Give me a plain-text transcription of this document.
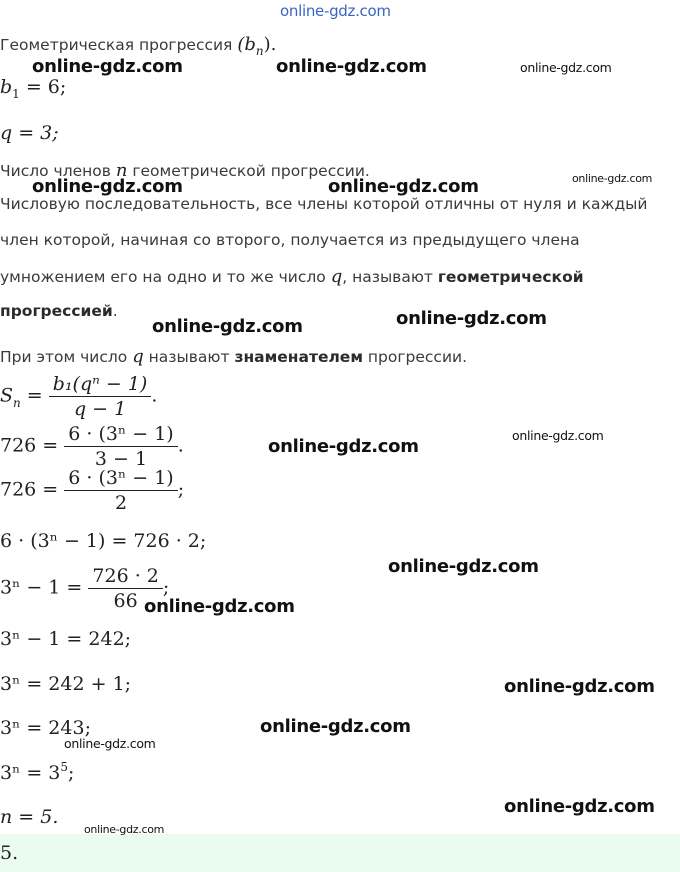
online-gdz.com
Геометрическая прогрессия $(b_n)$.
$b_1 = 6$;
q = 3;
Число членов n геометрической прогрессии.
Числовую последовательность, все члены которой отличны от нуля и каждый
член которой, начиная со второго, получается из предыдущего члена
умножением его на одно и то же число q, называют геометрической
прогрессией.
При этом число q называют знаменателем прогрессии.
$S_n = \frac{\text{b₁(qⁿ − 1)}}{q - 1}$ .
$726 = \frac{\text{6 · (3ⁿ − 1)}}{3 - 1}$ .
$726 = \frac{\text{6 · (3ⁿ − 1)}}{2}$ ;
6 · (3ⁿ − 1) = 726 · 2;
$3^n - 1 = \frac{726 \cdot 2}{66}$ ;
3ⁿ − 1 = 242;
3ⁿ = 242 + 1;
3ⁿ = 243;
$3^n = 3^5$;
n = 5.
5.
online-gdz.com	online-gdz.com	online-gdz.com
online-gdz.com	online-gdz.com	online-gdz.com
online-gdz.com	online-gdz.com
online-gdz.com
online-gdz.com
online-gdz.com
online-gdz.com
online-gdz.com
online-gdz.com
online-gdz.com
online-gdz.com
online-gdz.com
